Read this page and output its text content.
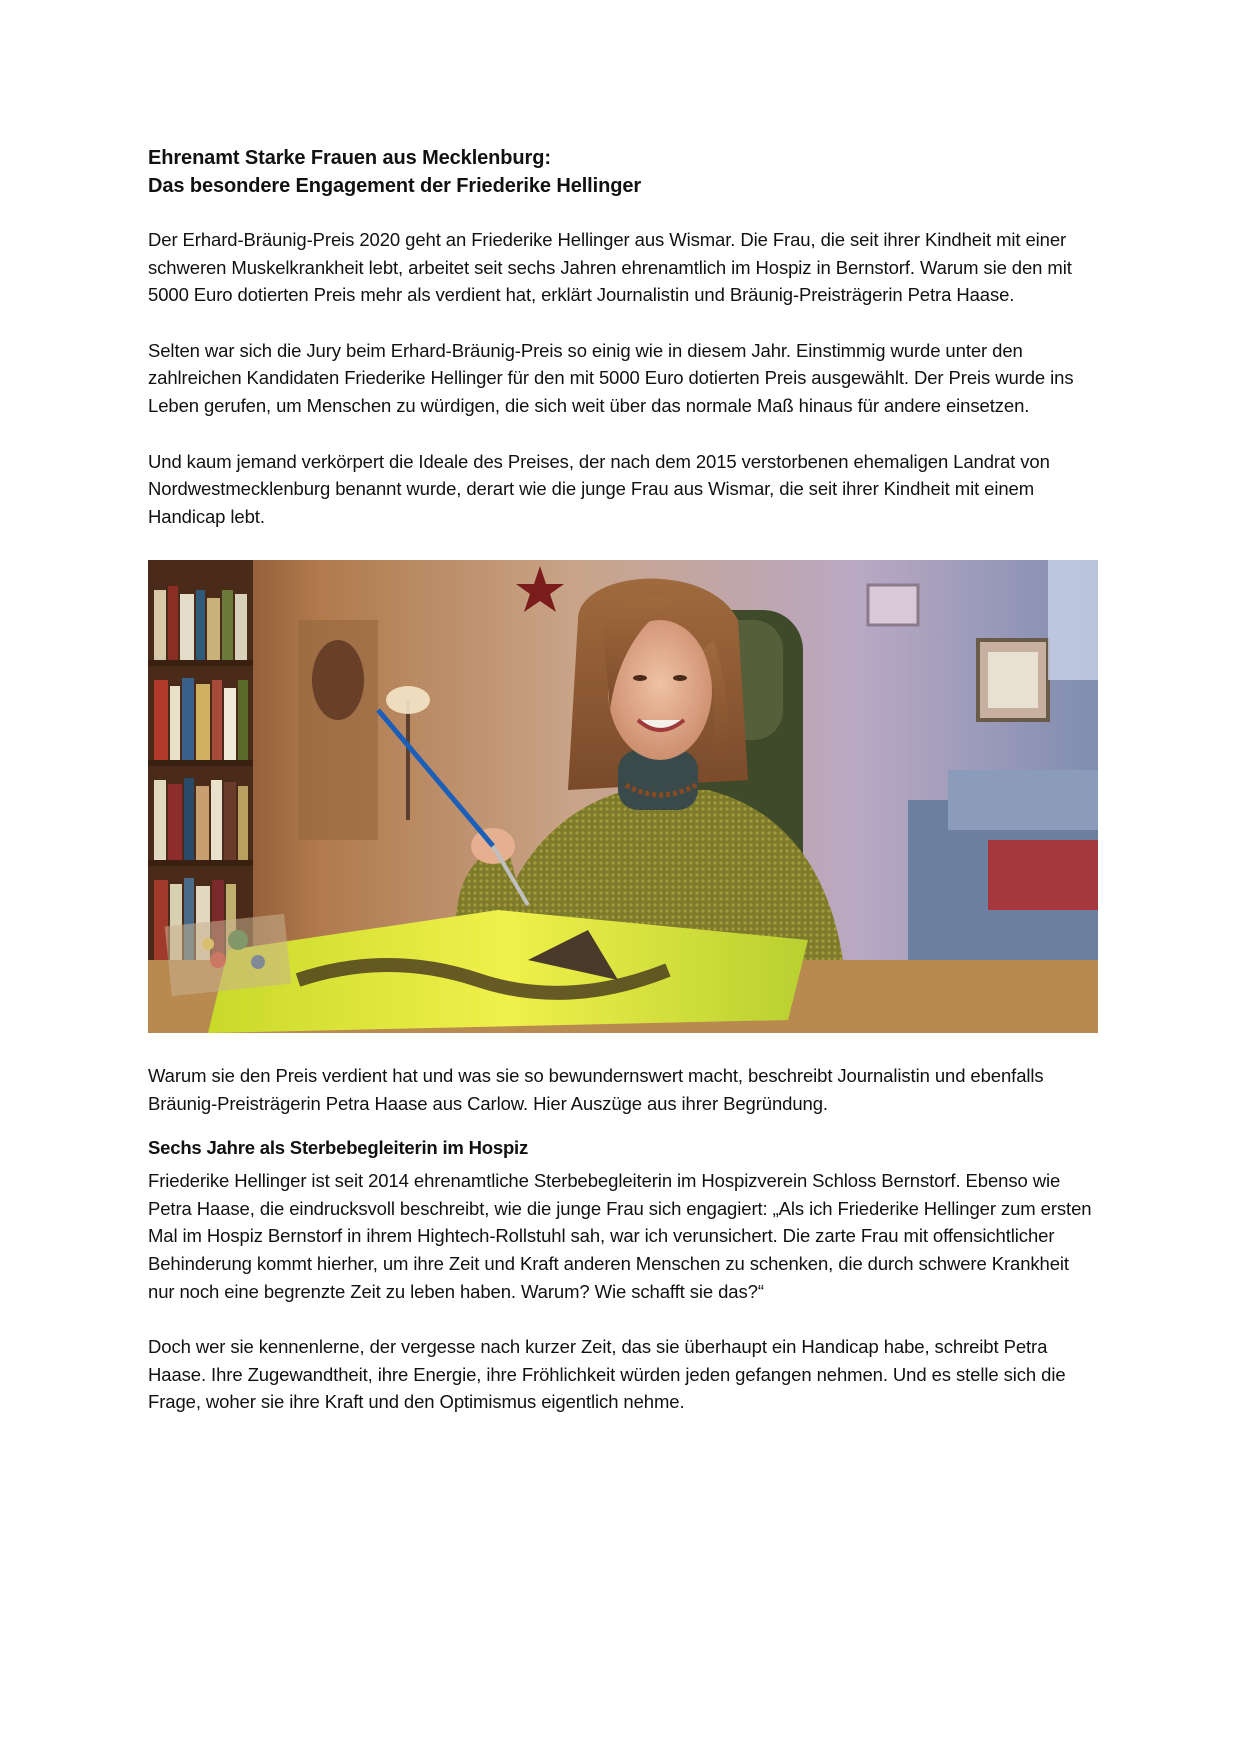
Ehrenamt Starke Frauen aus Mecklenburg:
Das besondere Engagement der Friederike Hellinger

Der Erhard-Bräunig-Preis 2020 geht an Friederike Hellinger aus Wismar. Die Frau, die seit ihrer Kindheit mit einer schweren Muskelkrankheit lebt, arbeitet seit sechs Jahren ehrenamtlich im Hospiz in Bernstorf. Warum sie den mit 5000 Euro dotierten Preis mehr als verdient hat, erklärt Journalistin und Bräunig-Preisträgerin Petra Haase.

Selten war sich die Jury beim Erhard-Bräunig-Preis so einig wie in diesem Jahr. Einstimmig wurde unter den zahlreichen Kandidaten Friederike Hellinger für den mit 5000 Euro dotierten Preis ausgewählt. Der Preis wurde ins Leben gerufen, um Menschen zu würdigen, die sich weit über das normale Maß hinaus für andere einsetzen.

Und kaum jemand verkörpert die Ideale des Preises, der nach dem 2015 verstorbenen ehemaligen Landrat von Nordwestmecklenburg benannt wurde, derart wie die junge Frau aus Wismar, die seit ihrer Kindheit mit einem Handicap lebt.

Warum sie den Preis verdient hat und was sie so bewundernswert macht, beschreibt Journalistin und ebenfalls Bräunig-Preisträgerin Petra Haase aus Carlow. Hier Auszüge aus ihrer Begründung.

Sechs Jahre als Sterbebegleiterin im Hospiz

Friederike Hellinger ist seit 2014 ehrenamtliche Sterbebegleiterin im Hospizverein Schloss Bernstorf. Ebenso wie Petra Haase, die eindrucksvoll beschreibt, wie die junge Frau sich engagiert: „Als ich Friederike Hellinger zum ersten Mal im Hospiz Bernstorf in ihrem Hightech-Rollstuhl sah, war ich verunsichert. Die zarte Frau mit offensichtlicher Behinderung kommt hierher, um ihre Zeit und Kraft anderen Menschen zu schenken, die durch schwere Krankheit nur noch eine begrenzte Zeit zu leben haben. Warum? Wie schafft sie das?“

Doch wer sie kennenlerne, der vergesse nach kurzer Zeit, das sie überhaupt ein Handicap habe, schreibt Petra Haase. Ihre Zugewandtheit, ihre Energie, ihre Fröhlichkeit würden jeden gefangen nehmen. Und es stelle sich die Frage, woher sie ihre Kraft und den Optimismus eigentlich nehme.
